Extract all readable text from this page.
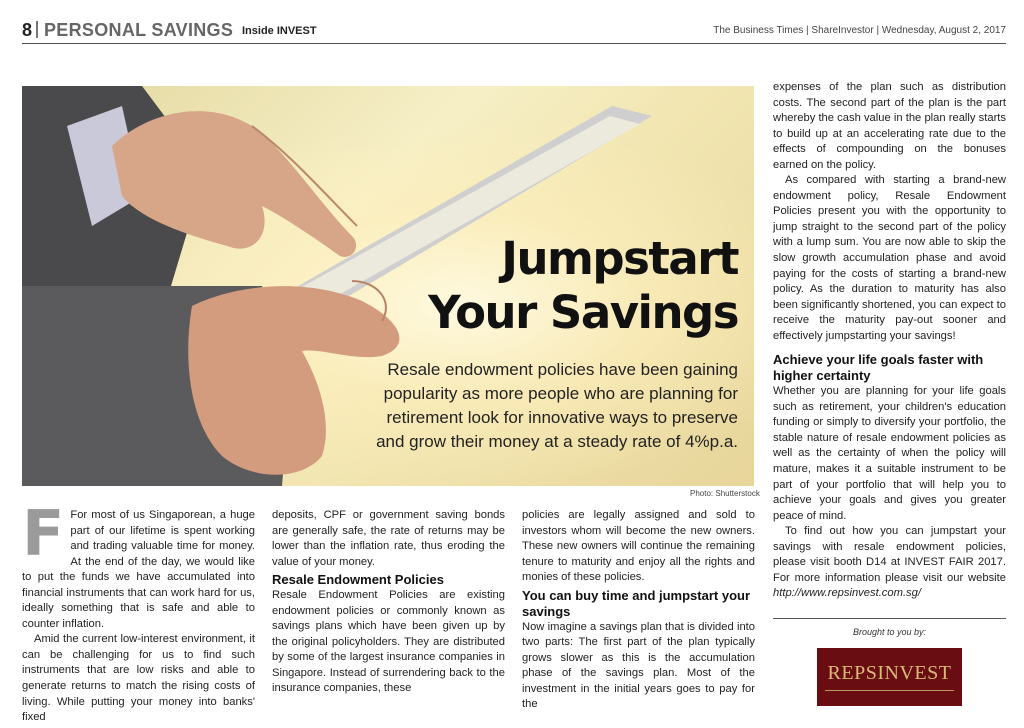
8 PERSONAL SAVINGS Inside INVEST	The Business Times | ShareInvestor | Wednesday, August 2, 2017
Jumpstart
Your Savings
Resale endowment policies have been gaining popularity as more people who are planning for retirement look for innovative ways to preserve and grow their money at a steady rate of 4%p.a.
Photo: Shutterstock

F For most of us Singaporean, a huge part of our lifetime is spent working and trading valuable time for money. At the end of the day, we would like to put the funds we have accumulated into financial instruments that can work hard for us, ideally something that is safe and able to counter inflation.

Amid the current low-interest environment, it can be challenging for us to find such instruments that are low risks and able to generate returns to match the rising costs of living. While putting your money into banks' fixed

deposits, CPF or government saving bonds are generally safe, the rate of returns may be lower than the inflation rate, thus eroding the value of your money.

Resale Endowment Policies

Resale Endowment Policies are existing endowment policies or commonly known as savings plans which have been given up by the original policyholders. They are distributed by some of the largest insurance companies in Singapore. Instead of surrendering back to the insurance companies, these

policies are legally assigned and sold to investors whom will become the new owners. These new owners will continue the remaining tenure to maturity and enjoy all the rights and monies of these policies.

You can buy time and jumpstart your savings

Now imagine a savings plan that is divided into two parts: The first part of the plan typically grows slower as this is the accumulation phase of the savings plan. Most of the investment in the initial years goes to pay for the

expenses of the plan such as distribution costs. The second part of the plan is the part whereby the cash value in the plan really starts to build up at an accelerating rate due to the effects of compounding on the bonuses earned on the policy.

As compared with starting a brand-new endowment policy, Resale Endowment Policies present you with the opportunity to jump straight to the second part of the policy with a lump sum. You are now able to skip the slow growth accumulation phase and avoid paying for the costs of starting a brand-new policy. As the duration to maturity has also been significantly shortened, you can expect to receive the maturity pay-out sooner and effectively jumpstarting your savings!

Achieve your life goals faster with higher certainty

Whether you are planning for your life goals such as retirement, your children's education funding or simply to diversify your portfolio, the stable nature of resale endowment policies as well as the certainty of when the policy will mature, makes it a suitable instrument to be part of your portfolio that will help you to achieve your goals and gives you greater peace of mind.

To find out how you can jumpstart your savings with resale endowment policies, please visit booth D14 at INVEST FAIR 2017. For more information please visit our website http://www.repsinvest.com.sg/

Brought to you by:
REPSINVEST
